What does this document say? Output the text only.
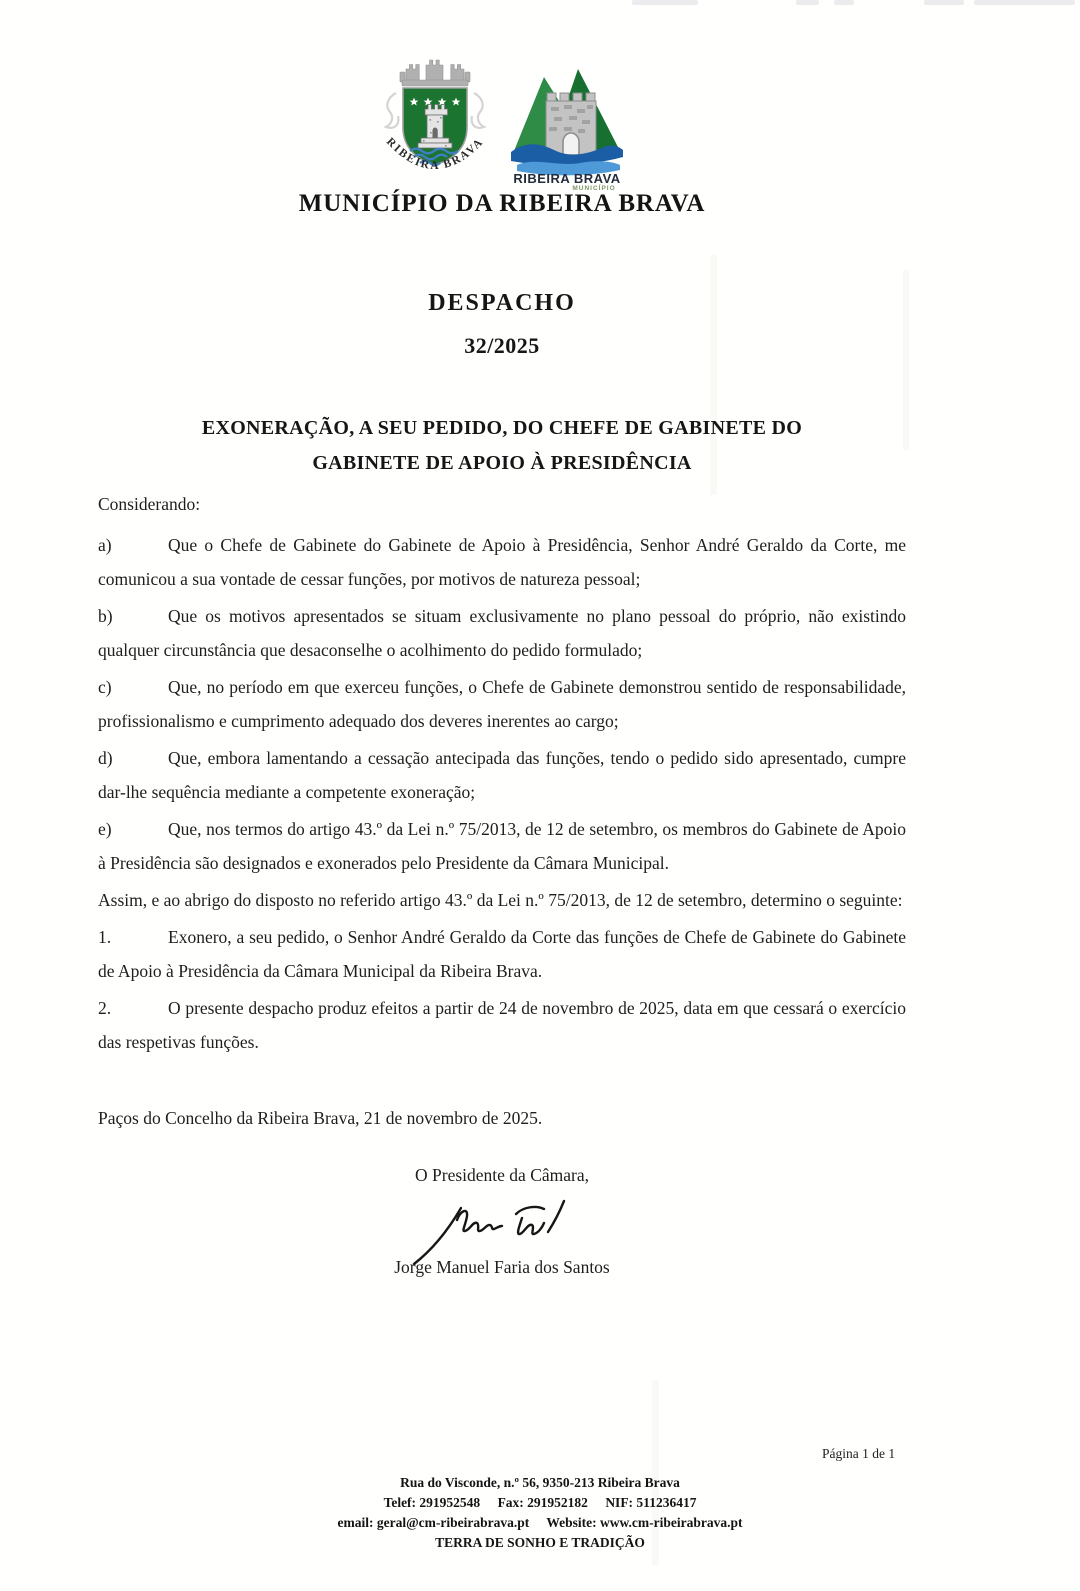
RIBEIRA BRAVA
RIBEIRA BRAVA
MUNICÍPIO
MUNICÍPIO DA RIBEIRA BRAVA
DESPACHO
32/2025
EXONERAÇÃO, A SEU PEDIDO, DO CHEFE DE GABINETE DO
GABINETE DE APOIO À PRESIDÊNCIA

Considerando:

a)	Que o Chefe de Gabinete do Gabinete de Apoio à Presidência, Senhor André Geraldo da Corte, me comunicou a sua vontade de cessar funções, por motivos de natureza pessoal;

b)	Que os motivos apresentados se situam exclusivamente no plano pessoal do próprio, não existindo qualquer circunstância que desaconselhe o acolhimento do pedido formulado;

c)	Que, no período em que exerceu funções, o Chefe de Gabinete demonstrou sentido de responsabilidade, profissionalismo e cumprimento adequado dos deveres inerentes ao cargo;

d)	Que, embora lamentando a cessação antecipada das funções, tendo o pedido sido apresentado, cumpre dar-lhe sequência mediante a competente exoneração;

e)	Que, nos termos do artigo 43.º da Lei n.º 75/2013, de 12 de setembro, os membros do Gabinete de Apoio à Presidência são designados e exonerados pelo Presidente da Câmara Municipal.

Assim, e ao abrigo do disposto no referido artigo 43.º da Lei n.º 75/2013, de 12 de setembro, determino o seguinte:

1.	Exonero, a seu pedido, o Senhor André Geraldo da Corte das funções de Chefe de Gabinete do Gabinete de Apoio à Presidência da Câmara Municipal da Ribeira Brava.

2.	O presente despacho produz efeitos a partir de 24 de novembro de 2025, data em que cessará o exercício das respetivas funções.

Paços do Concelho da Ribeira Brava, 21 de novembro de 2025.

O Presidente da Câmara,
Jorge Manuel Faria dos Santos
Página 1 de 1
Rua do Visconde, n.º 56, 9350-213 Ribeira Brava
Telef: 291952548 Fax: 291952182 NIF: 511236417
email: geral@cm-ribeirabrava.pt Website: www.cm-ribeirabrava.pt
TERRA DE SONHO E TRADIÇÃO
